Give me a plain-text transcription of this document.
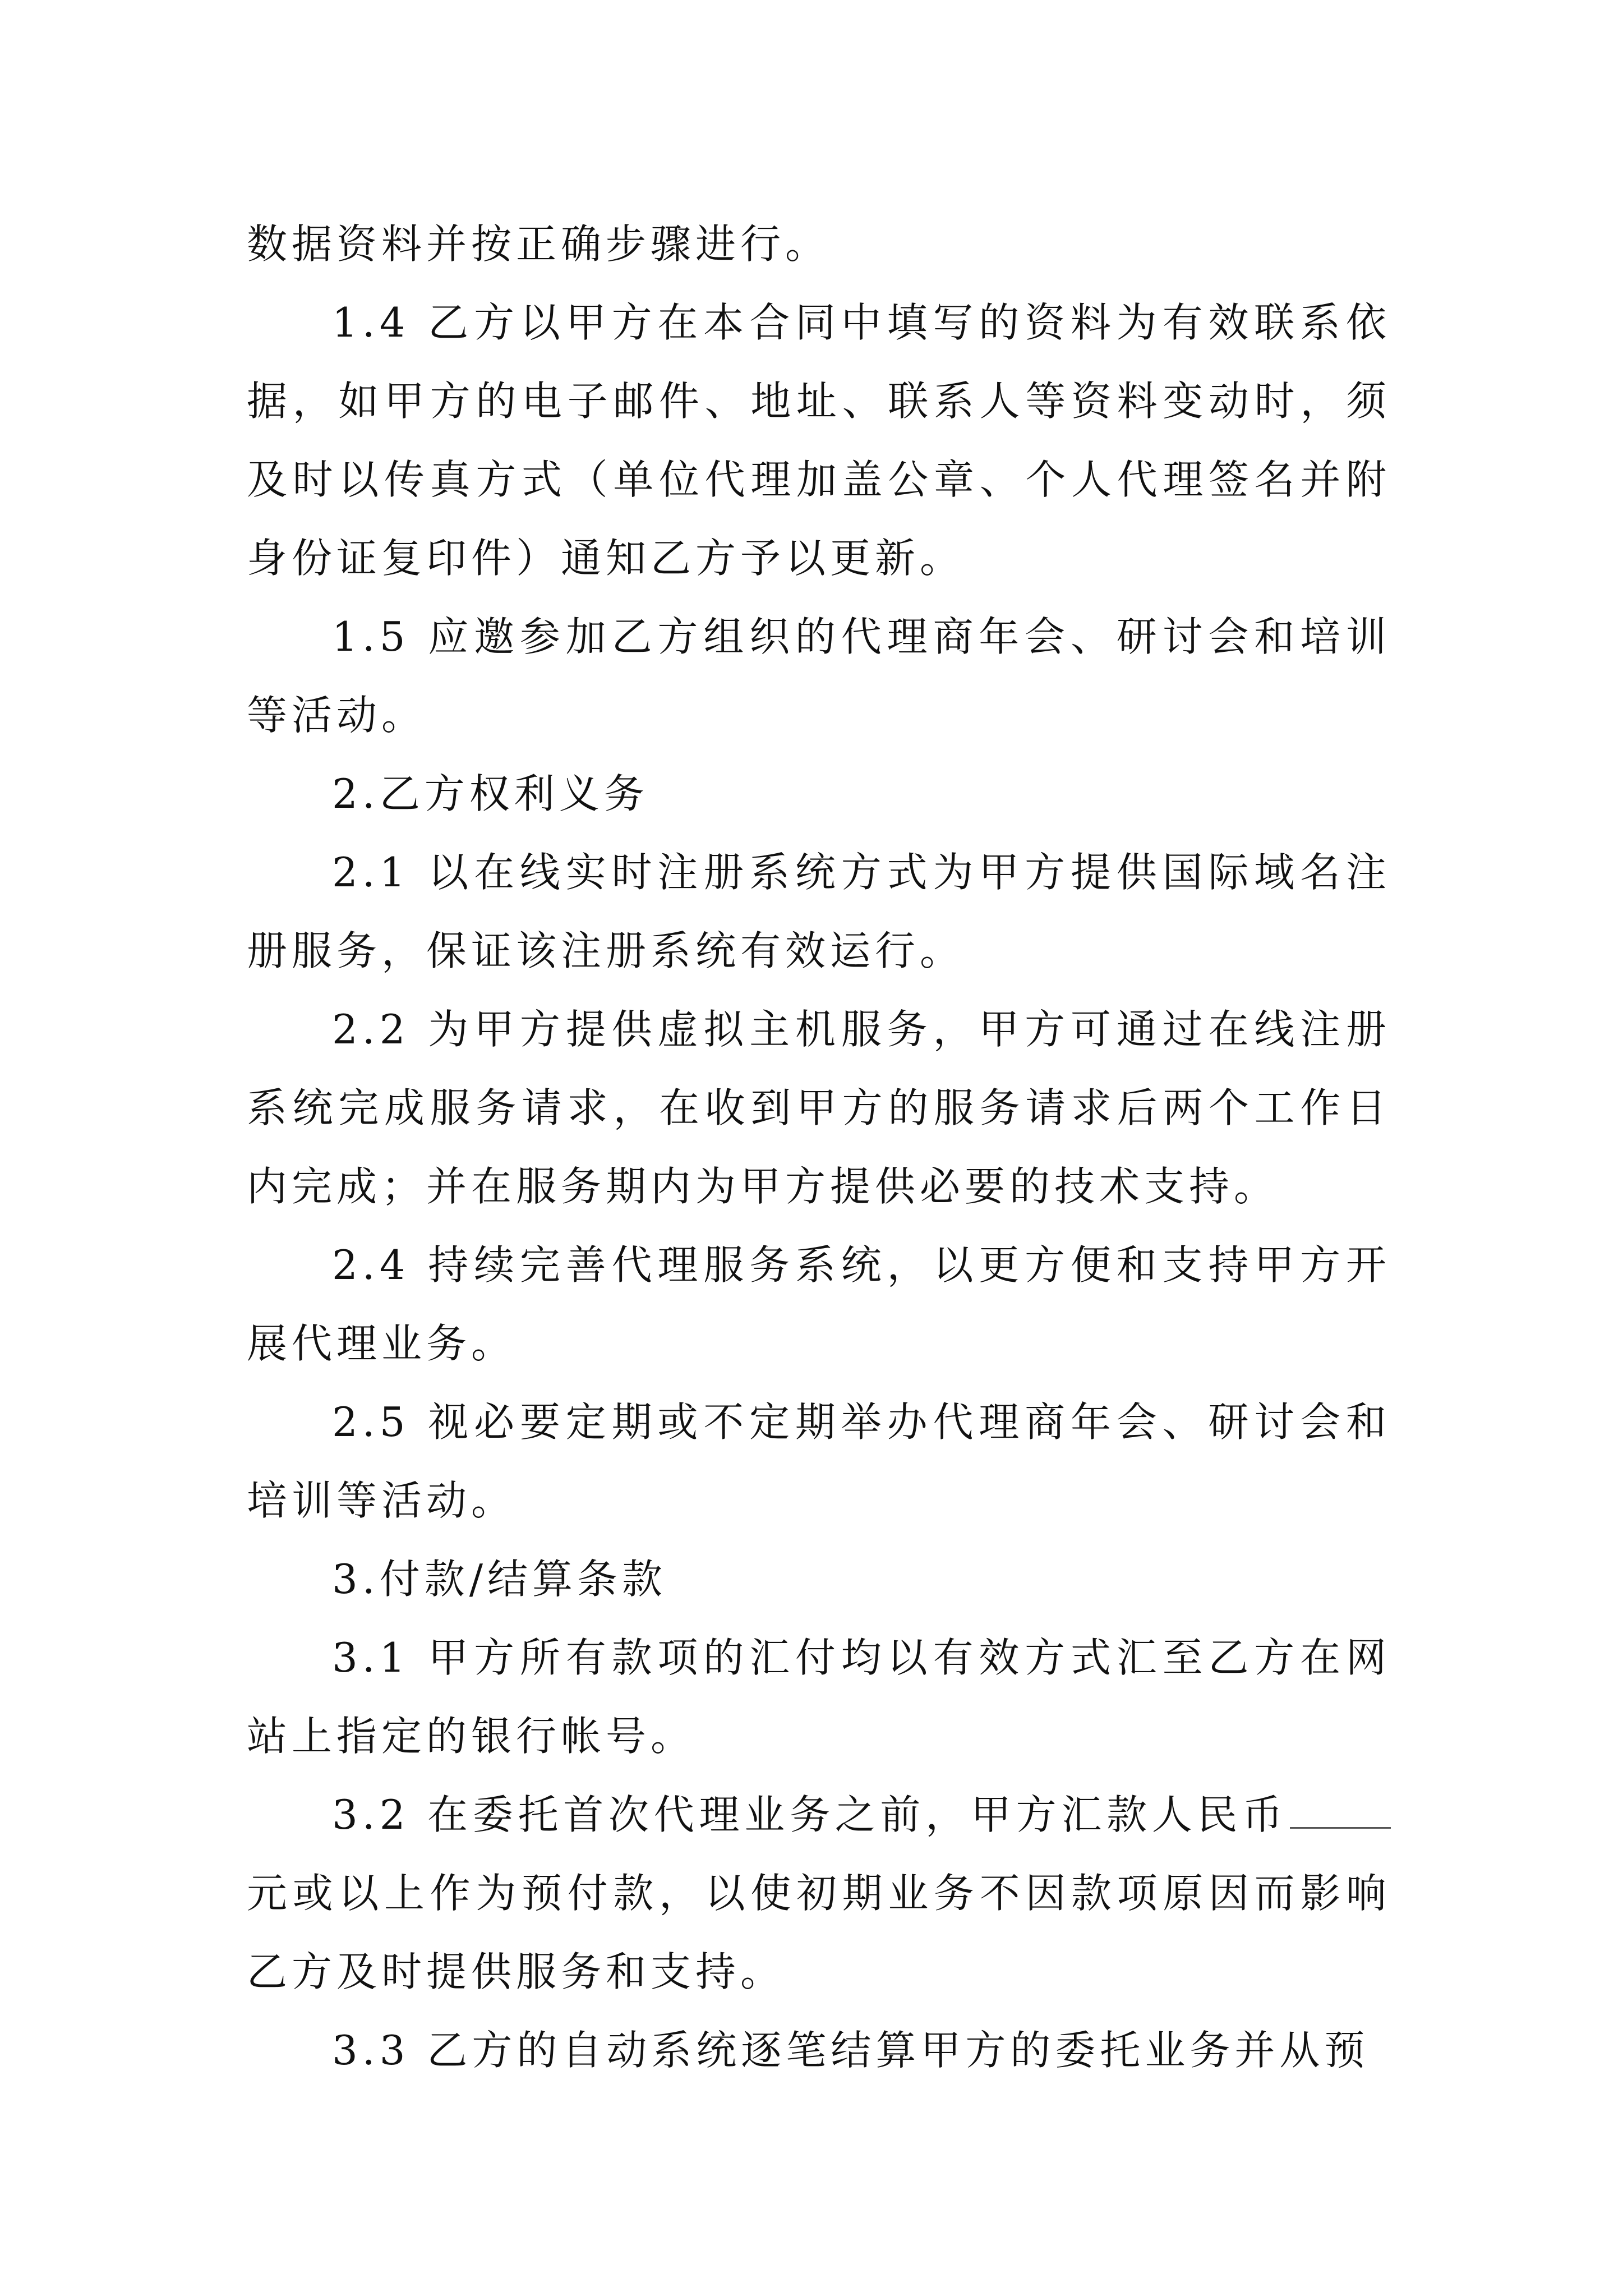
数据资料并按正确步骤进行。

1.4 乙方以甲方在本合同中填写的资料为有效联系依据，如甲方的电子邮件、地址、联系人等资料变动时，须及时以传真方式（单位代理加盖公章、个人代理签名并附身份证复印件）通知乙方予以更新。

1.5 应邀参加乙方组织的代理商年会、研讨会和培训等活动。

2.乙方权利义务

2.1 以在线实时注册系统方式为甲方提供国际域名注册服务，保证该注册系统有效运行。

2.2 为甲方提供虚拟主机服务，甲方可通过在线注册系统完成服务请求，在收到甲方的服务请求后两个工作日内完成；并在服务期内为甲方提供必要的技术支持。

2.4 持续完善代理服务系统，以更方便和支持甲方开展代理业务。

2.5 视必要定期或不定期举办代理商年会、研讨会和培训等活动。

3.付款/结算条款

3.1 甲方所有款项的汇付均以有效方式汇至乙方在网站上指定的银行帐号。

3.2 在委托首次代理业务之前，甲方汇款人民币元或以上作为预付款，以使初期业务不因款项原因而影响乙方及时提供服务和支持。

3.3 乙方的自动系统逐笔结算甲方的委托业务并从预
